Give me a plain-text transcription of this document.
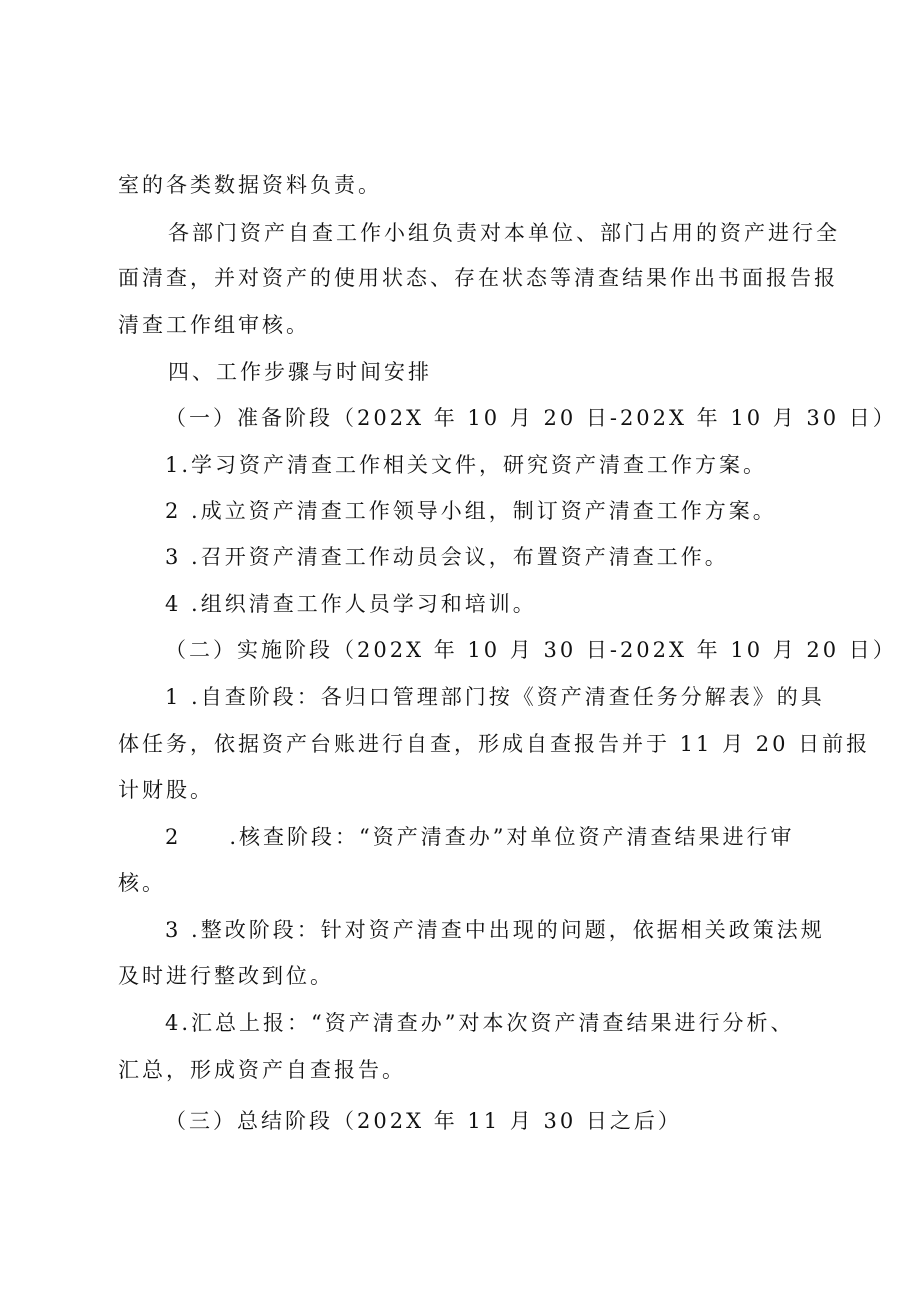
室的各类数据资料负责。
各部门资产自查工作小组负责对本单位、部门占用的资产进行全
面清查，并对资产的使用状态、存在状态等清查结果作出书面报告报
清查工作组审核。
四、工作步骤与时间安排
（一）准备阶段（202X 年 10 月 20 日-202X 年 10 月 30 日）
1.学习资产清查工作相关文件，研究资产清查工作方案。
2 .成立资产清查工作领导小组，制订资产清查工作方案。
3 .召开资产清查工作动员会议，布置资产清查工作。
4 .组织清查工作人员学习和培训。
（二）实施阶段（202X 年 10 月 30 日-202X 年 10 月 20 日）
1 .自查阶段：各归口管理部门按《资产清查任务分解表》的具
体任务，依据资产台账进行自查，形成自查报告并于 11 月 20 日前报
计财股。
2　　.核查阶段：“资产清查办”对单位资产清查结果进行审
核。
3 .整改阶段：针对资产清查中出现的问题，依据相关政策法规
及时进行整改到位。
4.汇总上报：“资产清查办”对本次资产清查结果进行分析、
汇总，形成资产自查报告。
（三）总结阶段（202X 年 11 月 30 日之后）
